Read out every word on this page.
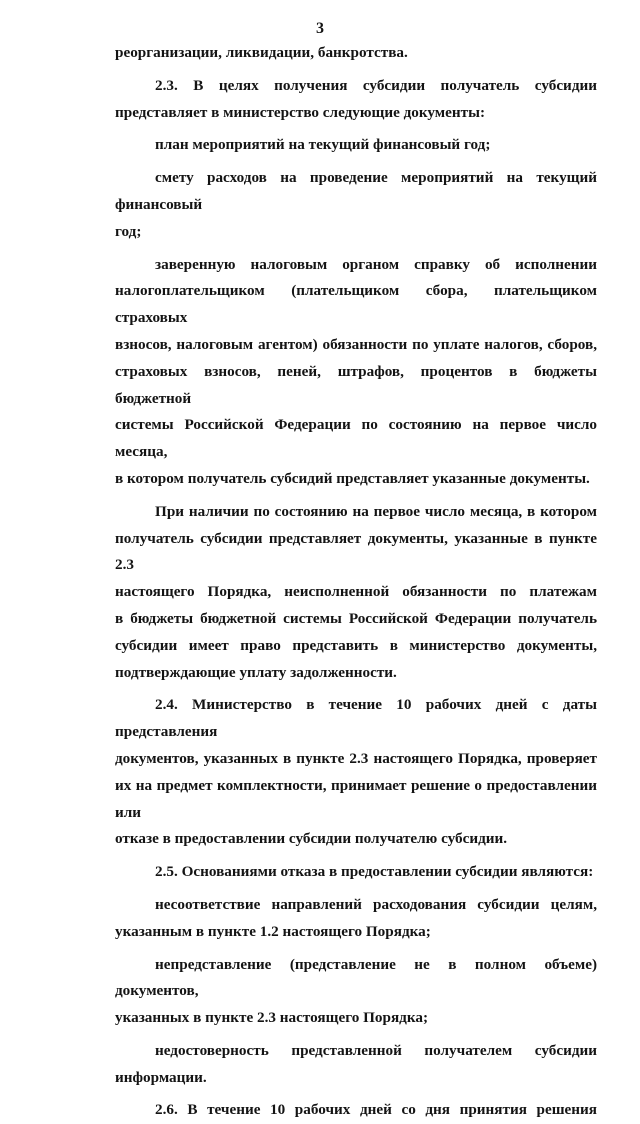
3
реорганизации, ликвидации, банкротства.
2.3. В целях получения субсидии получатель субсидии
представляет в министерство следующие документы:
план мероприятий на текущий финансовый год;
смету расходов на проведение мероприятий на текущий финансовый
год;
заверенную налоговым органом справку об исполнении
налогоплательщиком (плательщиком сбора, плательщиком страховых
взносов, налоговым агентом) обязанности по уплате налогов, сборов,
страховых взносов, пеней, штрафов, процентов в бюджеты бюджетной
системы Российской Федерации по состоянию на первое число месяца,
в котором получатель субсидий представляет указанные документы.
При наличии по состоянию на первое число месяца, в котором
получатель субсидии представляет документы, указанные в пункте 2.3
настоящего Порядка, неисполненной обязанности по платежам
в бюджеты бюджетной системы Российской Федерации получатель
субсидии имеет право представить в министерство документы,
подтверждающие уплату задолженности.
2.4. Министерство в течение 10 рабочих дней с даты представления
документов, указанных в пункте 2.3 настоящего Порядка, проверяет
их на предмет комплектности, принимает решение о предоставлении или
отказе в предоставлении субсидии получателю субсидии.
2.5. Основаниями отказа в предоставлении субсидии являются:
несоответствие направлений расходования субсидии целям,
указанным в пункте 1.2 настоящего Порядка;
непредставление (представление не в полном объеме) документов,
указанных в пункте 2.3 настоящего Порядка;
недостоверность представленной получателем субсидии
информации.
2.6. В течение 10 рабочих дней со дня принятия решения
